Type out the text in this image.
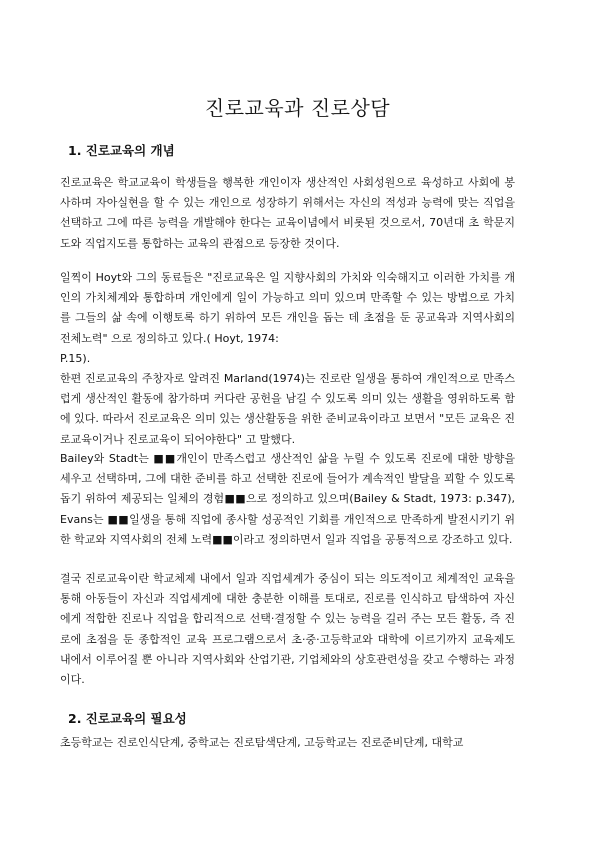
진로교육과 진로상담
1. 진로교육의 개념

진로교육은 학교교육이 학생들을 행복한 개인이자 생산적인 사회성원으로 육성하고 사회에 봉사하며 자아실현을 할 수 있는 개인으로 성장하기 위해서는 자신의 적성과 능력에 맞는 직업을 선택하고 그에 따른 능력을 개발해야 한다는 교육이념에서 비롯된 것으로서, 70년대 초 학문지도와 직업지도를 통합하는 교육의 관점으로 등장한 것이다.

일찍이 Hoyt와 그의 동료들은 "진로교육은 일 지향사회의 가치와 익숙해지고 이러한 가치를 개인의 가치체계와 통합하며 개인에게 일이 가능하고 의미 있으며 만족할 수 있는 방법으로 가치를 그들의 삶 속에 이행토록 하기 위하여 모든 개인을 돕는 데 초점을 둔 공교육과 지역사회의 전체노력" 으로 정의하고 있다.( Hoyt, 1974:

P.15).

한편 진로교육의 주창자로 알려진 Marland(1974)는 진로란 일생을 통하여 개인적으로 만족스럽게 생산적인 활동에 참가하며 커다란 공헌을 남길 수 있도록 의미 있는 생활을 영위하도록 함에 있다. 따라서 진로교육은 의미 있는 생산활동을 위한 준비교육이라고 보면서 "모든 교육은 진로교육이거나 진로교육이 되어야한다" 고 말했다.

Bailey와 Stadt는 ■■개인이 만족스럽고 생산적인 삶을 누릴 수 있도록 진로에 대한 방향을 세우고 선택하며, 그에 대한 준비를 하고 선택한 진로에 들어가 계속적인 발달을 꾀할 수 있도록 돕기 위하여 제공되는 일체의 경험■■으로 정의하고 있으며(Bailey & Stadt, 1973: p.347), Evans는 ■■일생을 통해 직업에 종사할 성공적인 기회를 개인적으로 만족하게 발전시키기 위한 학교와 지역사회의 전체 노력■■이라고 정의하면서 일과 직업을 공통적으로 강조하고 있다.

결국 진로교육이란 학교체제 내에서 일과 직업세계가 중심이 되는 의도적이고 체계적인 교육을 통해 아동들이 자신과 직업세계에 대한 충분한 이해를 토대로, 진로를 인식하고 탐색하여 자신에게 적합한 진로나 직업을 합리적으로 선택·결정할 수 있는 능력을 길러 주는 모든 활동, 즉 진로에 초점을 둔 종합적인 교육 프로그램으로서 초·중·고등학교와 대학에 이르기까지 교육제도 내에서 이루어질 뿐 아니라 지역사회와 산업기관, 기업체와의 상호관련성을 갖고 수행하는 과정이다.

2. 진로교육의 필요성

초등학교는 진로인식단계, 중학교는 진로탐색단계, 고등학교는 진로준비단계, 대학교
